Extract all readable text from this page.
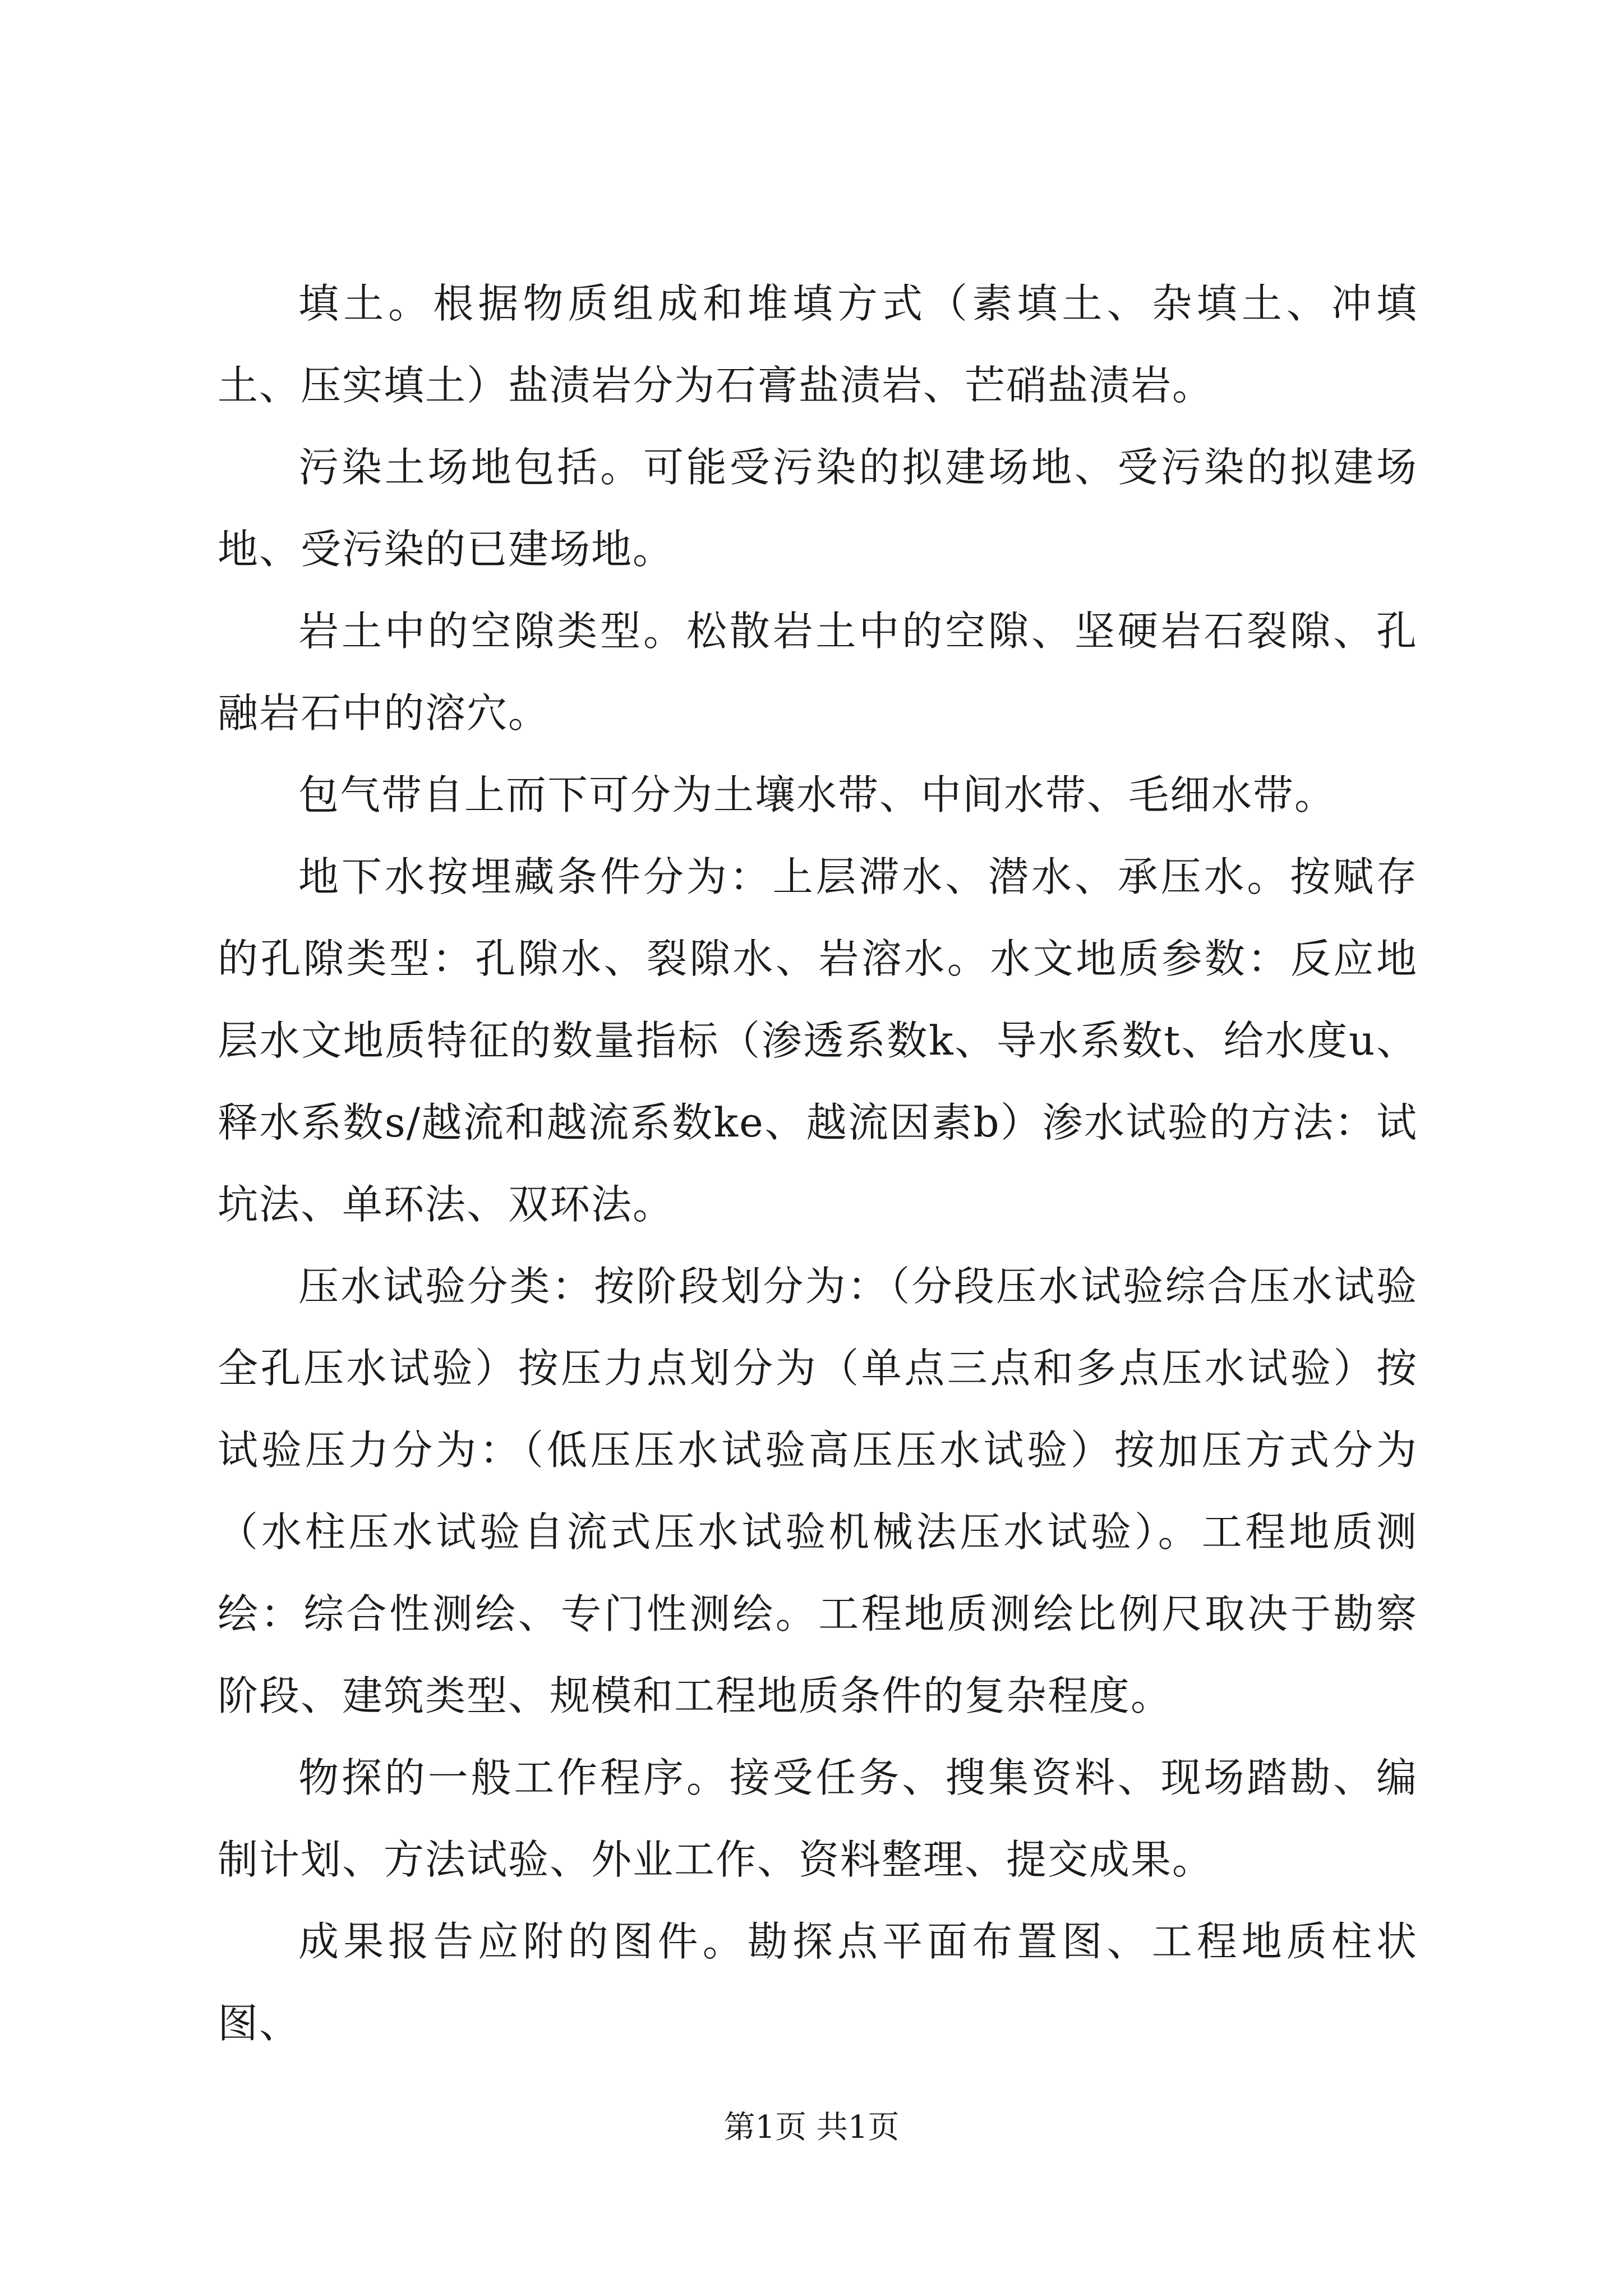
填土。根据物质组成和堆填方式（素填土、杂填土、冲填土、压实填土）盐渍岩分为石膏盐渍岩、芒硝盐渍岩。

污染土场地包括。可能受污染的拟建场地、受污染的拟建场地、受污染的已建场地。

岩土中的空隙类型。松散岩土中的空隙、坚硬岩石裂隙、孔融岩石中的溶穴。

包气带自上而下可分为土壤水带、中间水带、毛细水带。

地下水按埋藏条件分为：上层滞水、潜水、承压水。按赋存的孔隙类型：孔隙水、裂隙水、岩溶水。水文地质参数：反应地层水文地质特征的数量指标（渗透系数k、导水系数t、给水度u、释水系数s/越流和越流系数ke、越流因素b）渗水试验的方法：试坑法、单环法、双环法。

压水试验分类：按阶段划分为：（分段压水试验综合压水试验全孔压水试验）按压力点划分为（单点三点和多点压水试验）按试验压力分为：（低压压水试验高压压水试验）按加压方式分为（水柱压水试验自流式压水试验机械法压水试验）。工程地质测绘：综合性测绘、专门性测绘。工程地质测绘比例尺取决于勘察阶段、建筑类型、规模和工程地质条件的复杂程度。

物探的一般工作程序。接受任务、搜集资料、现场踏勘、编制计划、方法试验、外业工作、资料整理、提交成果。

成果报告应附的图件。勘探点平面布置图、工程地质柱状图、

第1页 共1页
